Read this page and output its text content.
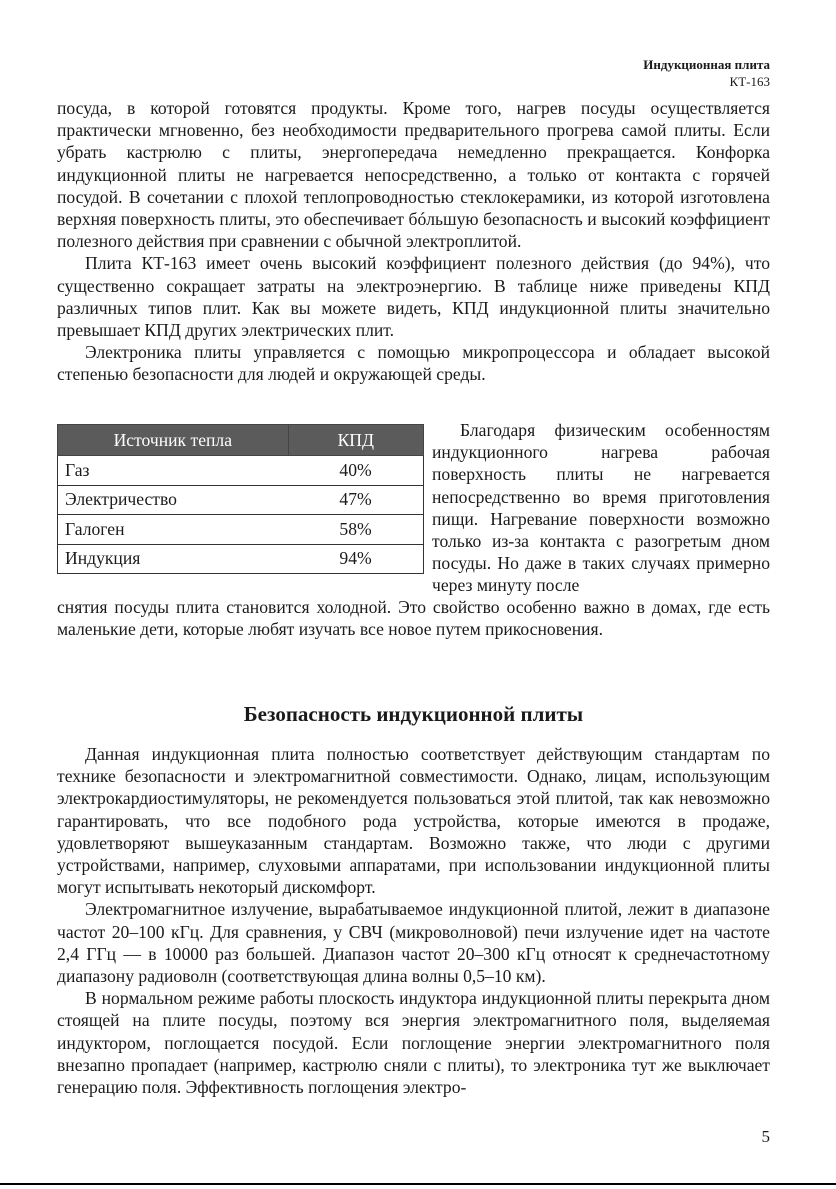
Индукционная плита
КТ-163

посуда, в которой готовятся продукты. Кроме того, нагрев посуды осуществляется практически мгновенно, без необходимости предварительного прогрева самой плиты. Если убрать кастрюлю с плиты, энергопередача немедленно прекращается. Конфорка индукционной плиты не нагревается непосредственно, а только от контакта с горячей посудой. В сочетании с плохой теплопроводностью стеклокерамики, из которой изготовлена верхняя поверхность плиты, это обеспечивает бóльшую безопасность и высокий коэффициент полезного действия при сравнении с обычной электроплитой.

Плита КТ-163 имеет очень высокий коэффициент полезного действия (до 94%), что существенно сокращает затраты на электроэнергию. В таблице ниже приведены КПД различных типов плит. Как вы можете видеть, КПД индукционной плиты значительно превышает КПД других электрических плит.

Электроника плиты управляется с помощью микропроцессора и обладает высокой степенью безопасности для людей и окружающей среды.

Источник тепла	КПД
Газ	40%
Электричество	47%
Галоген	58%
Индукция	94%

Благодаря физическим особенностям индукционного нагрева рабочая поверхность плиты не нагревается непосредственно во время приготовления пищи. Нагревание поверхности возможно только из-за контакта с разогретым дном посуды. Но даже в таких случаях примерно через минуту после

снятия посуды плита становится холодной. Это свойство особенно важно в домах, где есть маленькие дети, которые любят изучать все новое путем прикосновения.

Безопасность индукционной плиты

Данная индукционная плита полностью соответствует действующим стандартам по технике безопасности и электромагнитной совместимости. Однако, лицам, использующим электрокардиостимуляторы, не рекомендуется пользоваться этой плитой, так как невозможно гарантировать, что все подобного рода устройства, которые имеются в продаже, удовлетворяют вышеуказанным стандартам. Возможно также, что люди с другими устройствами, например, слуховыми аппаратами, при использовании индукционной плиты могут испытывать некоторый дискомфорт.

Электромагнитное излучение, вырабатываемое индукционной плитой, лежит в диапазоне частот 20–100 кГц. Для сравнения, у СВЧ (микроволновой) печи излучение идет на частоте 2,4 ГГц — в 10000 раз большей. Диапазон частот 20–300 кГц относят к среднечастотному диапазону радиоволн (соответствующая длина волны 0,5–10 км).

В нормальном режиме работы плоскость индуктора индукционной плиты перекрыта дном стоящей на плите посуды, поэтому вся энергия электромагнитного поля, выделяемая индуктором, поглощается посудой. Если поглощение энергии электромагнитного поля внезапно пропадает (например, кастрюлю сняли с плиты), то электроника тут же выключает генерацию поля. Эффективность поглощения электро-

5
